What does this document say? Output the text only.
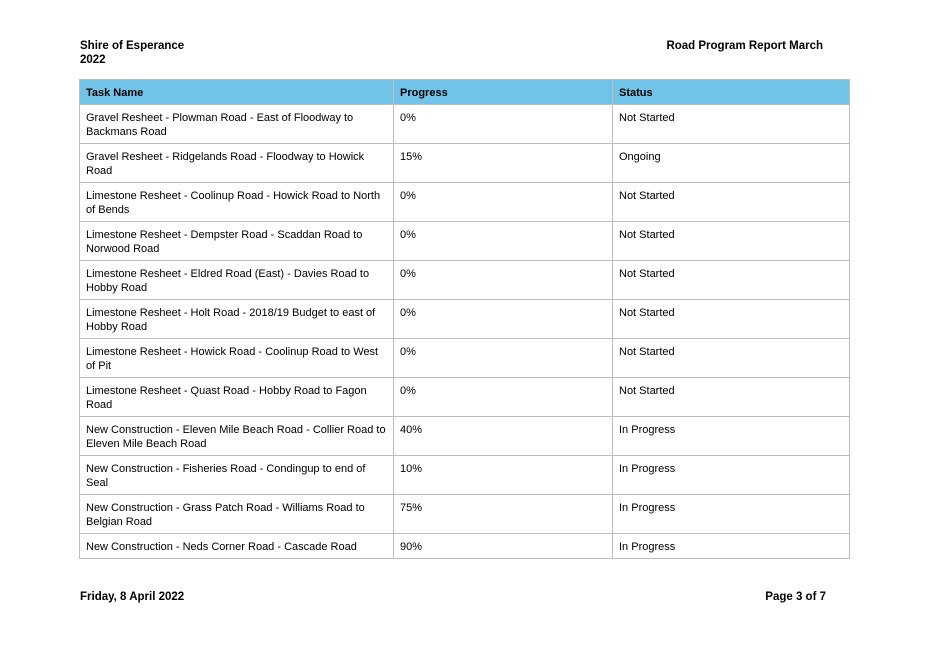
Shire of Esperance
2022
Road Program Report March
Task Name	Progress	Status
Gravel Resheet - Plowman Road - East of Floodway to Backmans Road	0%	Not Started
Gravel Resheet - Ridgelands Road - Floodway to Howick Road	15%	Ongoing
Limestone Resheet - Coolinup Road - Howick Road to North of Bends	0%	Not Started
Limestone Resheet - Dempster Road - Scaddan Road to Norwood Road	0%	Not Started
Limestone Resheet - Eldred Road (East) - Davies Road to Hobby Road	0%	Not Started
Limestone Resheet - Holt Road - 2018/19 Budget to east of Hobby Road	0%	Not Started
Limestone Resheet - Howick Road - Coolinup Road to West of Pit	0%	Not Started
Limestone Resheet - Quast Road - Hobby Road to Fagon Road	0%	Not Started
New Construction - Eleven Mile Beach Road - Collier Road to Eleven Mile Beach Road	40%	In Progress
New Construction - Fisheries Road - Condingup to end of Seal	10%	In Progress
New Construction - Grass Patch Road - Williams Road to Belgian Road	75%	In Progress
New Construction - Neds Corner Road - Cascade Road	90%	In Progress
Friday, 8 April 2022	Page 3 of 7
